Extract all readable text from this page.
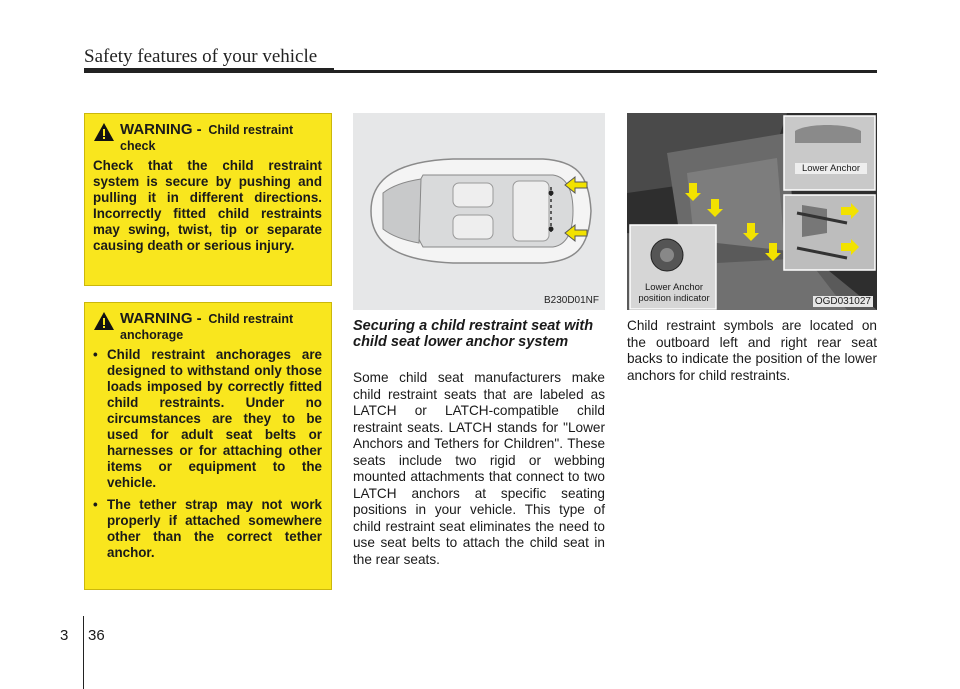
Safety features of your vehicle
WARNING - Child restraint check
Check that the child restraint system is secure by pushing and pulling it in different directions. Incorrectly fitted child restraints may swing, twist, tip or separate causing death or serious injury.
WARNING - Child restraint anchorage
• Child restraint anchorages are designed to withstand only those loads imposed by correctly fitted child restraints. Under no circumstances are they to be used for adult seat belts or harnesses or for attaching other items or equipment to the vehicle.
• The tether strap may not work properly if attached somewhere other than the correct tether anchor.
B230D01NF
Lower Anchor
Lower Anchor
position indicator	OGD031027
Securing a child restraint seat with child seat lower anchor system
Some child seat manufacturers make child restraint seats that are labeled as LATCH or LATCH-compatible child restraint seats. LATCH stands for "Lower Anchors and Tethers for Children". These seats include two rigid or webbing mounted attachments that connect to two LATCH anchors at specific seating positions in your vehicle. This type of child restraint seat eliminates the need to use seat belts to attach the child seat in the rear seats.
Child restraint symbols are located on the outboard left and right rear seat backs to indicate the position of the lower anchors for child restraints.
3 36
